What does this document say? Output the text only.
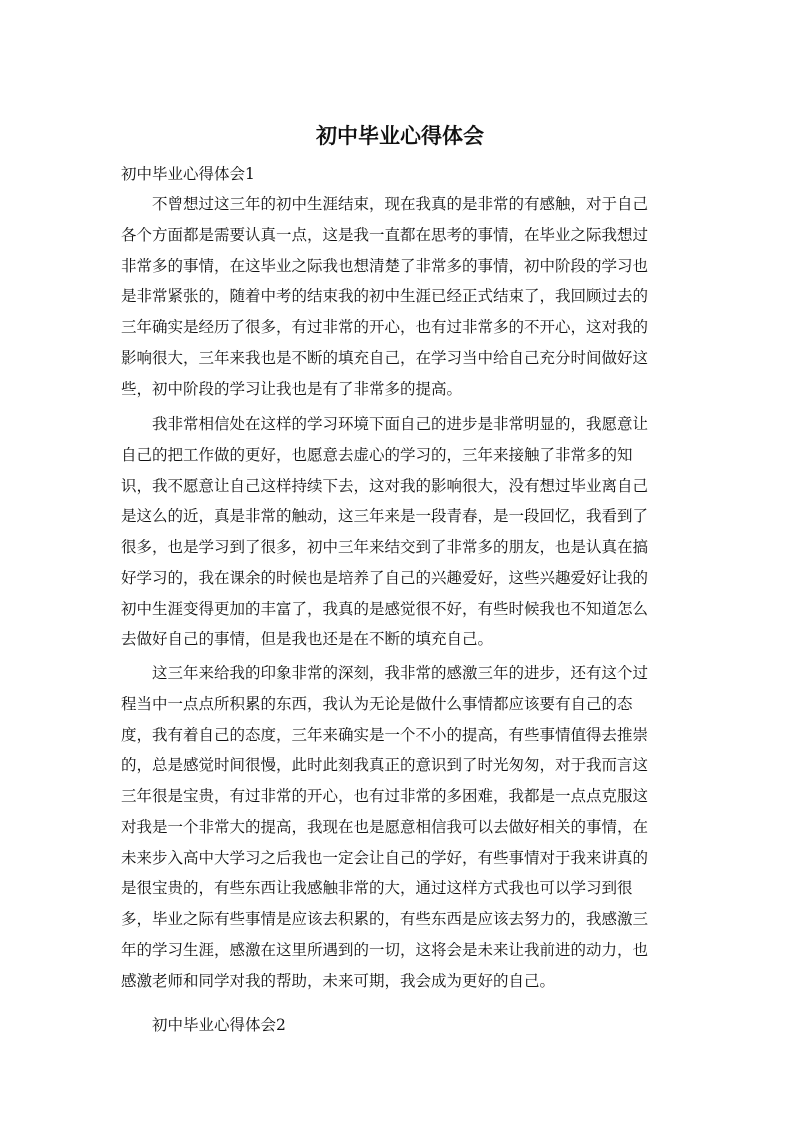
初中毕业心得体会

初中毕业心得体会1

不曾想过这三年的初中生涯结束，现在我真的是非常的有感触，对于自己
各个方面都是需要认真一点，这是我一直都在思考的事情，在毕业之际我想过
非常多的事情，在这毕业之际我也想清楚了非常多的事情，初中阶段的学习也
是非常紧张的，随着中考的结束我的初中生涯已经正式结束了，我回顾过去的
三年确实是经历了很多，有过非常的开心，也有过非常多的不开心，这对我的
影响很大，三年来我也是不断的填充自己，在学习当中给自己充分时间做好这
些，初中阶段的学习让我也是有了非常多的提高。
我非常相信处在这样的学习环境下面自己的进步是非常明显的，我愿意让
自己的把工作做的更好，也愿意去虚心的学习的，三年来接触了非常多的知
识，我不愿意让自己这样持续下去，这对我的影响很大，没有想过毕业离自己
是这么的近，真是非常的触动，这三年来是一段青春，是一段回忆，我看到了
很多，也是学习到了很多，初中三年来结交到了非常多的朋友，也是认真在搞
好学习的，我在课余的时候也是培养了自己的兴趣爱好，这些兴趣爱好让我的
初中生涯变得更加的丰富了，我真的是感觉很不好，有些时候我也不知道怎么
去做好自己的事情，但是我也还是在不断的填充自己。
这三年来给我的印象非常的深刻，我非常的感激三年的进步，还有这个过
程当中一点点所积累的东西，我认为无论是做什么事情都应该要有自己的态
度，我有着自己的态度，三年来确实是一个不小的提高，有些事情值得去推崇
的，总是感觉时间很慢，此时此刻我真正的意识到了时光匆匆，对于我而言这
三年很是宝贵，有过非常的开心，也有过非常的多困难，我都是一点点克服这
对我是一个非常大的提高，我现在也是愿意相信我可以去做好相关的事情，在
未来步入高中大学习之后我也一定会让自己的学好，有些事情对于我来讲真的
是很宝贵的，有些东西让我感触非常的大，通过这样方式我也可以学习到很
多，毕业之际有些事情是应该去积累的，有些东西是应该去努力的，我感激三
年的学习生涯，感激在这里所遇到的一切，这将会是未来让我前进的动力，也
感激老师和同学对我的帮助，未来可期，我会成为更好的自己。

初中毕业心得体会2
